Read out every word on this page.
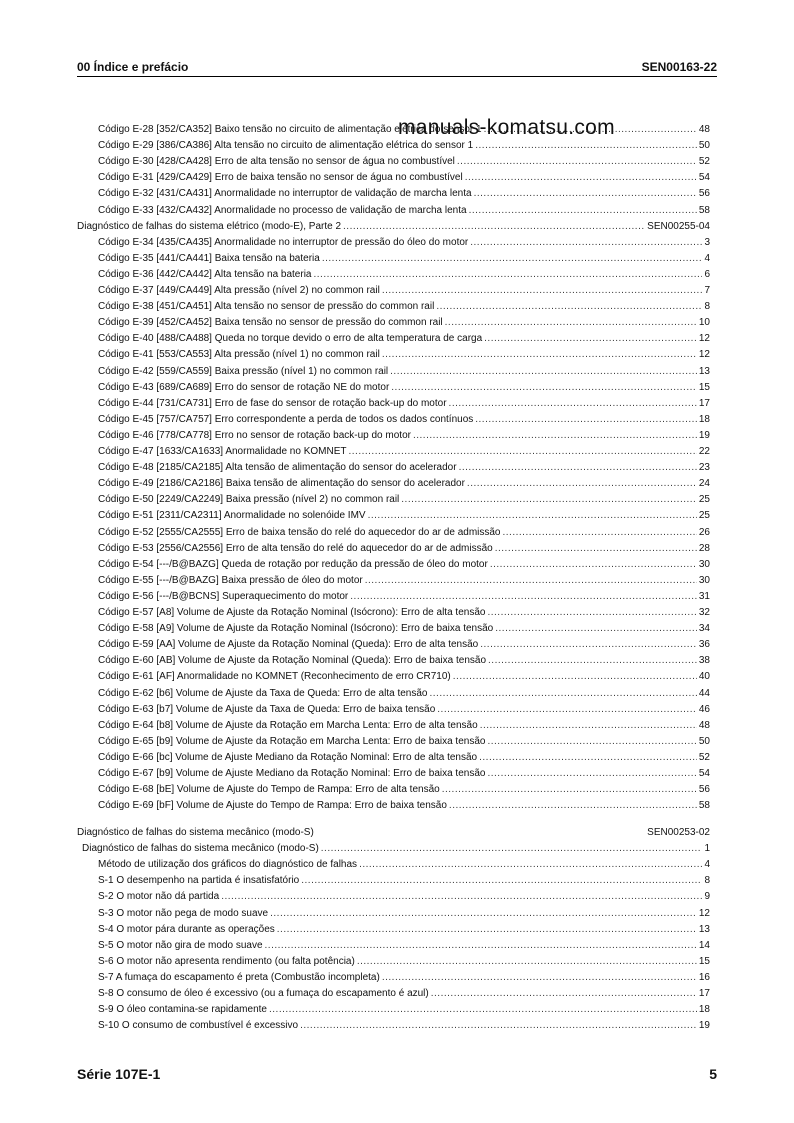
00 Índice e prefácio	SEN00163-22
Código E-28 [352/CA352] Baixo tensão no circuito de alimentação elétrica do sensor 1 .....	48
Código E-29 [386/CA386] Alta tensão no circuito de alimentação elétrica do sensor 1 .....	50
Código E-30 [428/CA428] Erro de alta tensão no sensor de água no combustível .....	52
Código E-31 [429/CA429] Erro de baixa tensão no sensor de água no combustível .....	54
Código E-32 [431/CA431] Anormalidade no interruptor de validação de marcha lenta .....	56
Código E-33 [432/CA432] Anormalidade no processo de validação de marcha lenta .....	58
Diagnóstico de falhas do sistema elétrico (modo-E), Parte 2 .....	SEN00255-04
Código E-34 [435/CA435] Anormalidade no interruptor de pressão do óleo do motor .....	3
Código E-35 [441/CA441] Baixa tensão na bateria .....	4
Código E-36 [442/CA442] Alta tensão na bateria .....	6
Código E-37 [449/CA449] Alta pressão (nível 2) no common rail .....	7
Código E-38 [451/CA451] Alta tensão no sensor de pressão do common rail .....	8
Código E-39 [452/CA452] Baixa tensão no sensor de pressão do common rail .....	10
Código E-40 [488/CA488] Queda no torque devido o erro de alta temperatura de carga .....	12
Código E-41 [553/CA553] Alta pressão (nível 1) no common rail .....	12
Código E-42 [559/CA559] Baixa pressão (nível 1) no common rail .....	13
Código E-43 [689/CA689] Erro do sensor de rotação NE do motor .....	15
Código E-44 [731/CA731] Erro de fase do sensor de rotação back-up do motor .....	17
Código E-45 [757/CA757] Erro correspondente a perda de todos os dados contínuos .....	18
Código E-46 [778/CA778] Erro no sensor de rotação back-up do motor .....	19
Código E-47 [1633/CA1633] Anormalidade no KOMNET .....	22
Código E-48 [2185/CA2185] Alta tensão de alimentação do sensor do acelerador .....	23
Código E-49 [2186/CA2186] Baixa tensão de alimentação do sensor do acelerador .....	24
Código E-50 [2249/CA2249] Baixa pressão (nível 2) no common rail .....	25
Código E-51 [2311/CA2311] Anormalidade no solenóide IMV .....	25
Código E-52 [2555/CA2555] Erro de baixa tensão do relé do aquecedor do ar de admissão .....	26
Código E-53 [2556/CA2556] Erro de alta tensão do relé do aquecedor do ar de admissão .....	28
Código E-54 [---/B@BAZG] Queda de rotação por redução da pressão de óleo do motor .....	30
Código E-55 [---/B@BAZG] Baixa pressão de óleo do motor .....	30
Código E-56 [---/B@BCNS] Superaquecimento do motor .....	31
Código E-57 [A8] Volume de Ajuste da Rotação Nominal (Isócrono): Erro de alta tensão .....	32
Código E-58 [A9] Volume de Ajuste da Rotação Nominal (Isócrono): Erro de baixa tensão .....	34
Código E-59 [AA] Volume de Ajuste da Rotação Nominal (Queda): Erro de alta tensão .....	36
Código E-60 [AB] Volume de Ajuste da Rotação Nominal (Queda): Erro de baixa tensão .....	38
Código E-61 [AF] Anormalidade no KOMNET (Reconhecimento de erro CR710) .....	40
Código E-62 [b6] Volume de Ajuste da Taxa de Queda: Erro de alta tensão .....	44
Código E-63 [b7] Volume de Ajuste da Taxa de Queda: Erro de baixa tensão .....	46
Código E-64 [b8] Volume de Ajuste da Rotação em Marcha Lenta: Erro de alta tensão .....	48
Código E-65 [b9] Volume de Ajuste da Rotação em Marcha Lenta: Erro de baixa tensão .....	50
Código E-66 [bc] Volume de Ajuste Mediano da Rotação Nominal: Erro de alta tensão .....	52
Código E-67 [b9] Volume de Ajuste Mediano da Rotação Nominal: Erro de baixa tensão .....	54
Código E-68 [bE] Volume de Ajuste do Tempo de Rampa: Erro de alta tensão .....	56
Código E-69 [bF] Volume de Ajuste do Tempo de Rampa: Erro de baixa tensão .....	58
Diagnóstico de falhas do sistema mecânico (modo-S)	SEN00253-02
Diagnóstico de falhas do sistema mecânico (modo-S) .....	1
Método de utilização dos gráficos do diagnóstico de falhas .....	4
S-1 O desempenho na partida é insatisfatório .....	8
S-2 O motor não dá partida .....	9
S-3 O motor não pega de modo suave .....	12
S-4 O motor pára durante as operações .....	13
S-5 O motor não gira de modo suave .....	14
S-6 O motor não apresenta rendimento (ou falta potência) .....	15
S-7 A fumaça do escapamento é preta (Combustão incompleta) .....	16
S-8 O consumo de óleo é excessivo (ou a fumaça do escapamento é azul) .....	17
S-9 O óleo contamina-se rapidamente .....	18
S-10 O consumo de combustível é excessivo .....	19
manuals-komatsu.com
Série 107E-1	5
